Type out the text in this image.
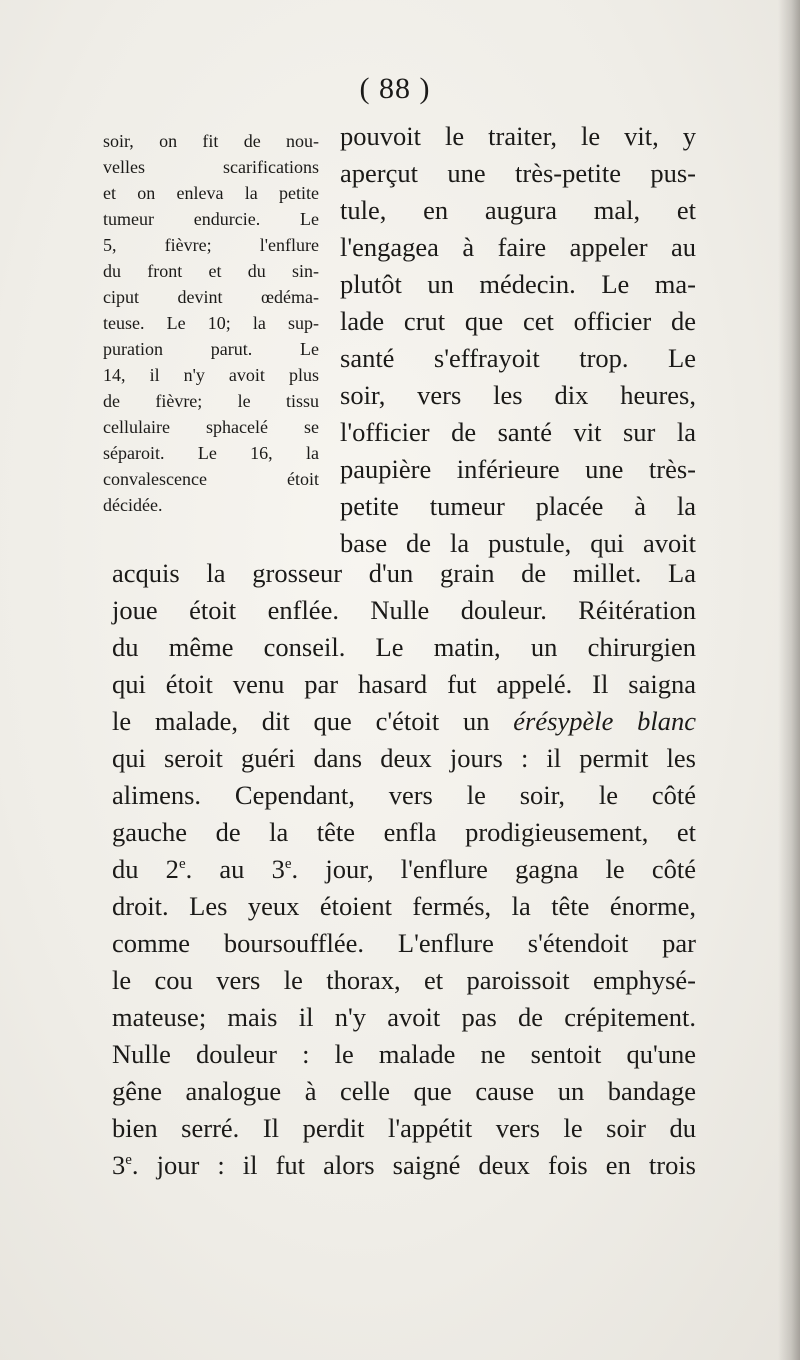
( 88 )
soir, on fit de nou-
velles scarifications
et on enleva la petite
tumeur endurcie. Le
5, fièvre; l'enflure
du front et du sin-
ciput devint œdéma-
teuse. Le 10; la sup-
puration parut. Le
14, il n'y avoit plus
de fièvre; le tissu
cellulaire sphacelé se
séparoit. Le 16, la
convalescence étoit
décidée.
pouvoit le traiter, le vit, y
aperçut une très-petite pus-
tule, en augura mal, et
l'engagea à faire appeler au
plutôt un médecin. Le ma-
lade crut que cet officier de
santé s'effrayoit trop. Le
soir, vers les dix heures,
l'officier de santé vit sur la
paupière inférieure une très-
petite tumeur placée à la
base de la pustule, qui avoit
acquis la grosseur d'un grain de millet. La
joue étoit enflée. Nulle douleur. Réitération
du même conseil. Le matin, un chirurgien
qui étoit venu par hasard fut appelé. Il saigna
le malade, dit que c'étoit un érésypèle blanc
qui seroit guéri dans deux jours : il permit les
alimens. Cependant, vers le soir, le côté
gauche de la tête enfla prodigieusement, et
du 2e. au 3e. jour, l'enflure gagna le côté
droit. Les yeux étoient fermés, la tête énorme,
comme boursoufflée. L'enflure s'étendoit par
le cou vers le thorax, et paroissoit emphysé-
mateuse; mais il n'y avoit pas de crépitement.
Nulle douleur : le malade ne sentoit qu'une
gêne analogue à celle que cause un bandage
bien serré. Il perdit l'appétit vers le soir du
3e. jour : il fut alors saigné deux fois en trois
